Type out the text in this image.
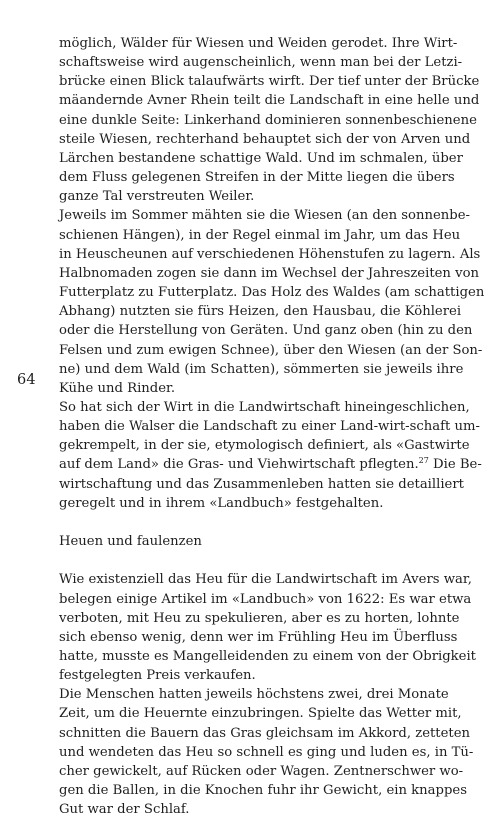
64
möglich, Wälder für Wiesen und Weiden gerodet. Ihre Wirt-
schaftsweise wird augenscheinlich, wenn man bei der Letzi-
brücke einen Blick talaufwärts wirft. Der tief unter der Brücke
mäandernde Avner Rhein teilt die Landschaft in eine helle und
eine dunkle Seite: Linkerhand dominieren sonnenbeschienene
steile Wiesen, rechterhand behauptet sich der von Arven und
Lärchen bestandene schattige Wald. Und im schmalen, über
dem Fluss gelegenen Streifen in der Mitte liegen die übers
ganze Tal verstreuten Weiler.
Jeweils im Sommer mähten sie die Wiesen (an den sonnenbe-
schienen Hängen), in der Regel einmal im Jahr, um das Heu
in Heuscheunen auf verschiedenen Höhenstufen zu lagern. Als
Halbnomaden zogen sie dann im Wechsel der Jahreszeiten von
Futterplatz zu Futterplatz. Das Holz des Waldes (am schattigen
Abhang) nutzten sie fürs Heizen, den Hausbau, die Köhlerei
oder die Herstellung von Geräten. Und ganz oben (hin zu den
Felsen und zum ewigen Schnee), über den Wiesen (an der Son-
ne) und dem Wald (im Schatten), sömmerten sie jeweils ihre
Kühe und Rinder.
So hat sich der Wirt in die Landwirtschaft hineingeschlichen,
haben die Walser die Landschaft zu einer Land-wirt-schaft um-
gekrempelt, in der sie, etymologisch definiert, als «Gastwirte
auf dem Land» die Gras- und Viehwirtschaft pflegten.$^{27}$ Die Be-
wirtschaftung und das Zusammenleben hatten sie detailliert
geregelt und in ihrem «Landbuch» festgehalten.
Heuen und faulenzen
Wie existenziell das Heu für die Landwirtschaft im Avers war,
belegen einige Artikel im «Landbuch» von 1622: Es war etwa
verboten, mit Heu zu spekulieren, aber es zu horten, lohnte
sich ebenso wenig, denn wer im Frühling Heu im Überfluss
hatte, musste es Mangelleidenden zu einem von der Obrigkeit
festgelegten Preis verkaufen.
Die Menschen hatten jeweils höchstens zwei, drei Monate
Zeit, um die Heuernte einzubringen. Spielte das Wetter mit,
schnitten die Bauern das Gras gleichsam im Akkord, zetteten
und wendeten das Heu so schnell es ging und luden es, in Tü-
cher gewickelt, auf Rücken oder Wagen. Zentnerschwer wo-
gen die Ballen, in die Knochen fuhr ihr Gewicht, ein knappes
Gut war der Schlaf.
